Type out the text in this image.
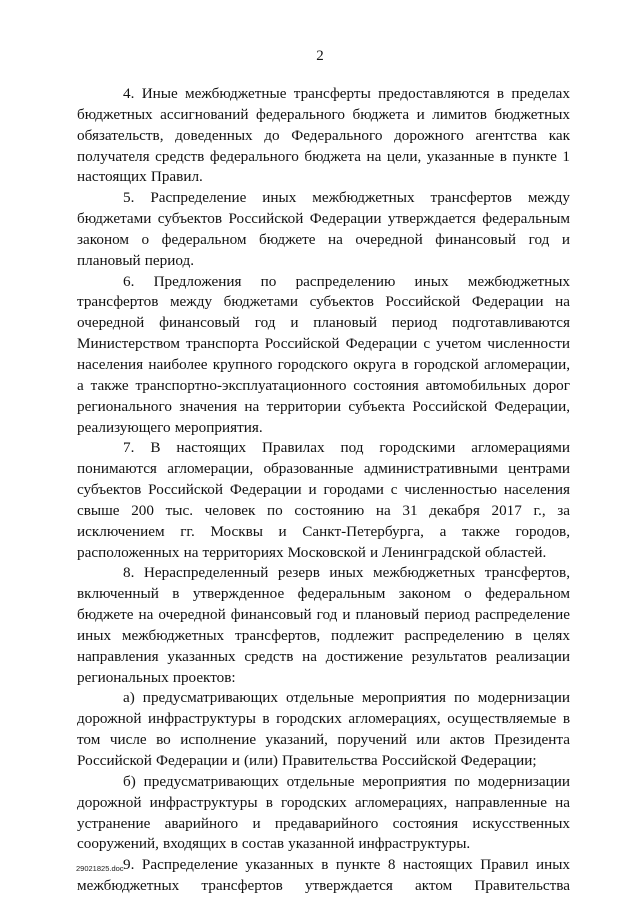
2

4. Иные межбюджетные трансферты предоставляются в пределах бюджетных ассигнований федерального бюджета и лимитов бюджетных обязательств, доведенных до Федерального дорожного агентства как получателя средств федерального бюджета на цели, указанные в пункте 1 настоящих Правил.

5. Распределение иных межбюджетных трансфертов между бюджетами субъектов Российской Федерации утверждается федеральным законом о федеральном бюджете на очередной финансовый год и плановый период.

6. Предложения по распределению иных межбюджетных трансфертов между бюджетами субъектов Российской Федерации на очередной финансовый год и плановый период подготавливаются Министерством транспорта Российской Федерации с учетом численности населения наиболее крупного городского округа в городской агломерации, а также транспортно-эксплуатационного состояния автомобильных дорог регионального значения на территории субъекта Российской Федерации, реализующего мероприятия.

7. В настоящих Правилах под городскими агломерациями понимаются агломерации, образованные административными центрами субъектов Российской Федерации и городами с численностью населения свыше 200 тыс. человек по состоянию на 31 декабря 2017 г., за исключением гг. Москвы и Санкт-Петербурга, а также городов, расположенных на территориях Московской и Ленинградской областей.

8. Нераспределенный резерв иных межбюджетных трансфертов, включенный в утвержденное федеральным законом о федеральном бюджете на очередной финансовый год и плановый период распределение иных межбюджетных трансфертов, подлежит распределению в целях направления указанных средств на достижение результатов реализации региональных проектов:

а) предусматривающих отдельные мероприятия по модернизации дорожной инфраструктуры в городских агломерациях, осуществляемые в том числе во исполнение указаний, поручений или актов Президента Российской Федерации и (или) Правительства Российской Федерации;

б) предусматривающих отдельные мероприятия по модернизации дорожной инфраструктуры в городских агломерациях, направленные на устранение аварийного и предаварийного состояния искусственных сооружений, входящих в состав указанной инфраструктуры.

9. Распределение указанных в пункте 8 настоящих Правил иных межбюджетных трансфертов утверждается актом Правительства

29021825.doc
